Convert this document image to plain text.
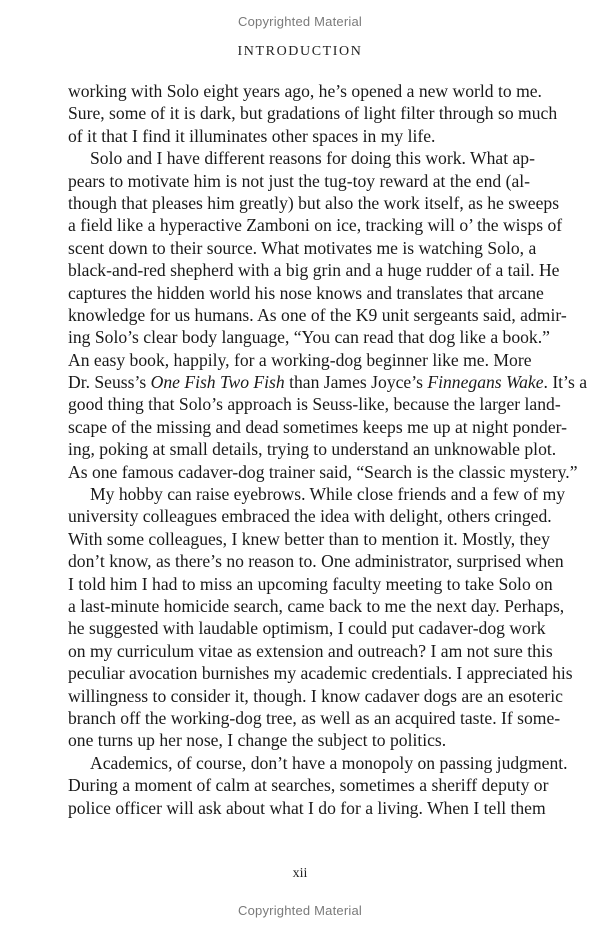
Copyrighted Material
INTRODUCTION
working with Solo eight years ago, he’s opened a new world to me.
Sure, some of it is dark, but gradations of light filter through so much
of it that I find it illuminates other spaces in my life.
Solo and I have different reasons for doing this work. What ap-
pears to motivate him is not just the tug-toy reward at the end (al-
though that pleases him greatly) but also the work itself, as he sweeps
a field like a hyperactive Zamboni on ice, tracking will o’ the wisps of
scent down to their source. What motivates me is watching Solo, a
black-and-red shepherd with a big grin and a huge rudder of a tail. He
captures the hidden world his nose knows and translates that arcane
knowledge for us humans. As one of the K9 unit sergeants said, admir-
ing Solo’s clear body language, “You can read that dog like a book.”
An easy book, happily, for a working-dog beginner like me. More
Dr. Seuss’s One Fish Two Fish than James Joyce’s Finnegans Wake. It’s a
good thing that Solo’s approach is Seuss-like, because the larger land-
scape of the missing and dead sometimes keeps me up at night ponder-
ing, poking at small details, trying to understand an unknowable plot.
As one famous cadaver-dog trainer said, “Search is the classic mystery.”
My hobby can raise eyebrows. While close friends and a few of my
university colleagues embraced the idea with delight, others cringed.
With some colleagues, I knew better than to mention it. Mostly, they
don’t know, as there’s no reason to. One administrator, surprised when
I told him I had to miss an upcoming faculty meeting to take Solo on
a last-minute homicide search, came back to me the next day. Perhaps,
he suggested with laudable optimism, I could put cadaver-dog work
on my curriculum vitae as extension and outreach? I am not sure this
peculiar avocation burnishes my academic credentials. I appreciated his
willingness to consider it, though. I know cadaver dogs are an esoteric
branch off the working-dog tree, as well as an acquired taste. If some-
one turns up her nose, I change the subject to politics.
Academics, of course, don’t have a monopoly on passing judgment.
During a moment of calm at searches, sometimes a sheriff deputy or
police officer will ask about what I do for a living. When I tell them
xii
Copyrighted Material
